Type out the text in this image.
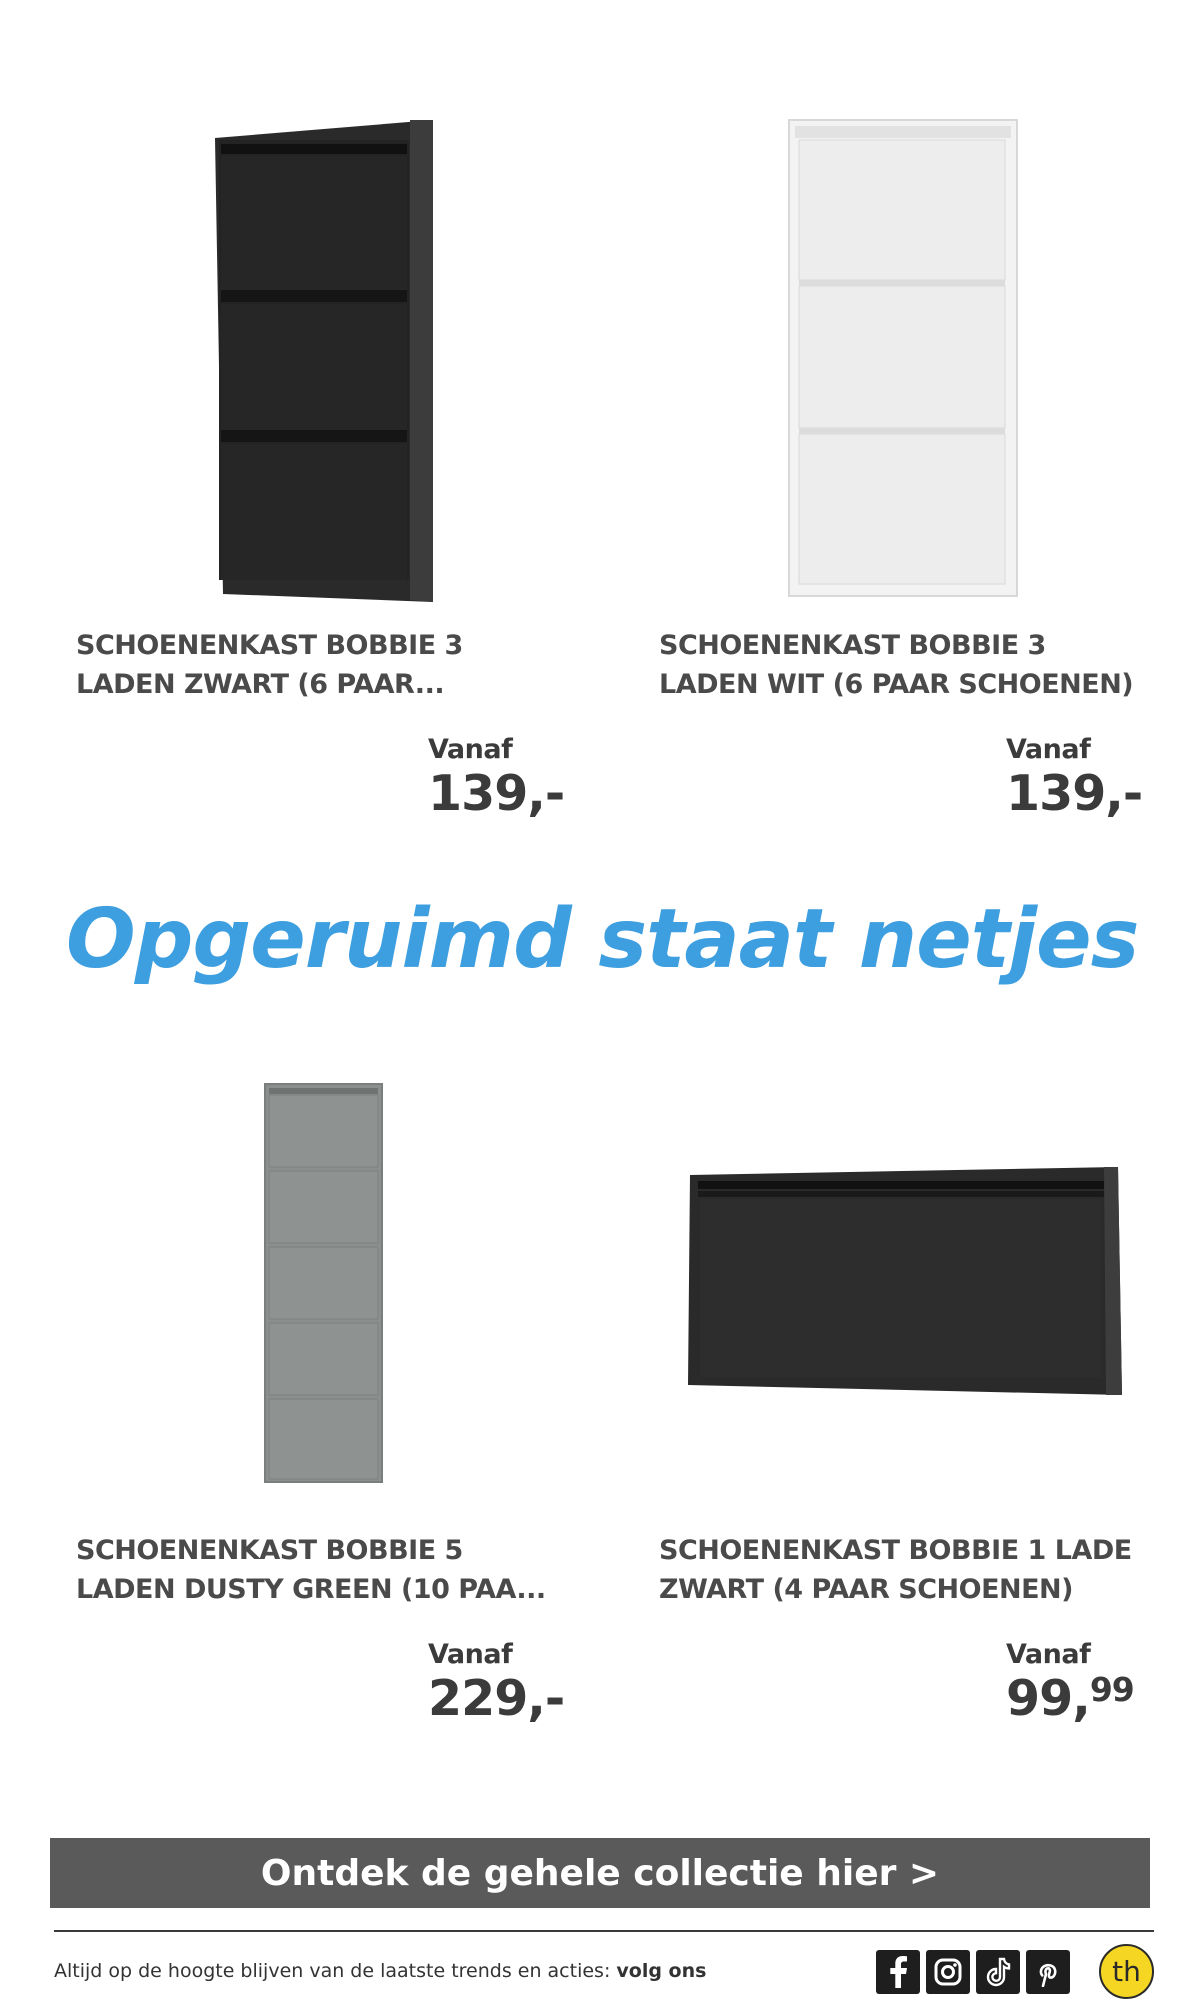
SCHOENENKAST BOBBIE 3
LADEN ZWART (6 PAAR...
SCHOENENKAST BOBBIE 3
LADEN WIT (6 PAAR SCHOENEN)
Vanaf
139,-
Vanaf
139,-
Opgeruimd staat netjes
SCHOENENKAST BOBBIE 5
LADEN DUSTY GREEN (10 PAA...
SCHOENENKAST BOBBIE 1 LADE
ZWART (4 PAAR SCHOENEN)
Vanaf
229,-
Vanaf
99,99
Ontdek de gehele collectie hier >
Altijd op de hoogte blijven van de laatste trends en acties: volg ons	th
